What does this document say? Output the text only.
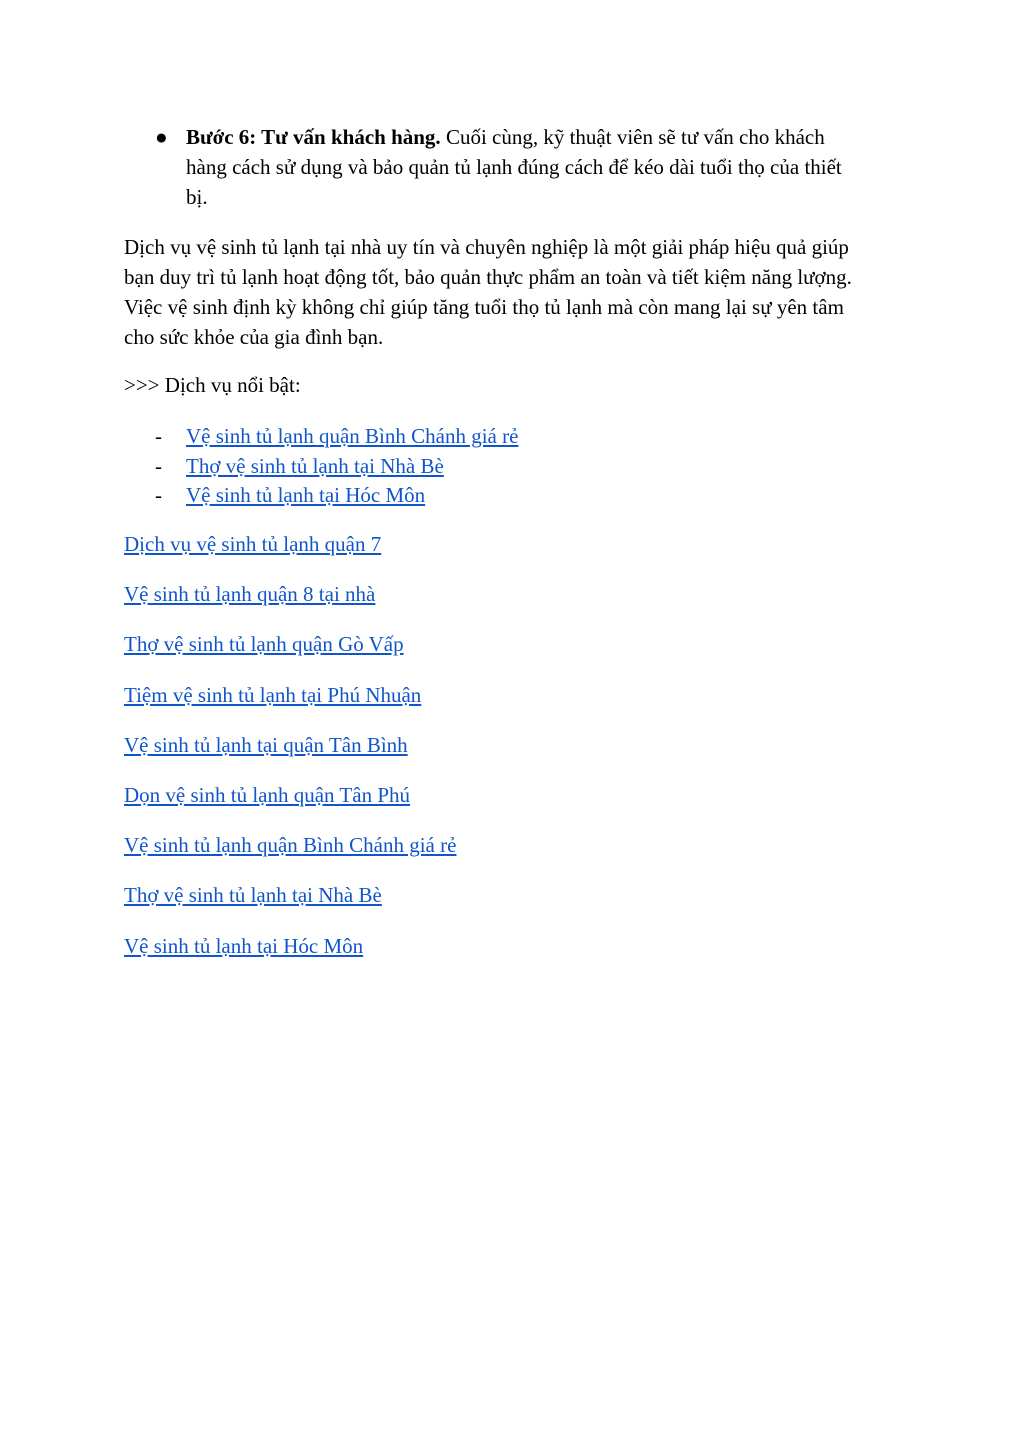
● Bước 6: Tư vấn khách hàng. Cuối cùng, kỹ thuật viên sẽ tư vấn cho khách
hàng cách sử dụng và bảo quản tủ lạnh đúng cách để kéo dài tuổi thọ của thiết
bị.
Dịch vụ vệ sinh tủ lạnh tại nhà uy tín và chuyên nghiệp là một giải pháp hiệu quả giúp
bạn duy trì tủ lạnh hoạt động tốt, bảo quản thực phẩm an toàn và tiết kiệm năng lượng.
Việc vệ sinh định kỳ không chỉ giúp tăng tuổi thọ tủ lạnh mà còn mang lại sự yên tâm
cho sức khỏe của gia đình bạn.
>>> Dịch vụ nổi bật:
- Vệ sinh tủ lạnh quận Bình Chánh giá rẻ
- Thợ vệ sinh tủ lạnh tại Nhà Bè
- Vệ sinh tủ lạnh tại Hóc Môn
Dịch vụ vệ sinh tủ lạnh quận 7
Vệ sinh tủ lạnh quận 8 tại nhà
Thợ vệ sinh tủ lạnh quận Gò Vấp
Tiệm vệ sinh tủ lạnh tại Phú Nhuận
Vệ sinh tủ lạnh tại quận Tân Bình
Dọn vệ sinh tủ lạnh quận Tân Phú
Vệ sinh tủ lạnh quận Bình Chánh giá rẻ
Thợ vệ sinh tủ lạnh tại Nhà Bè
Vệ sinh tủ lạnh tại Hóc Môn
